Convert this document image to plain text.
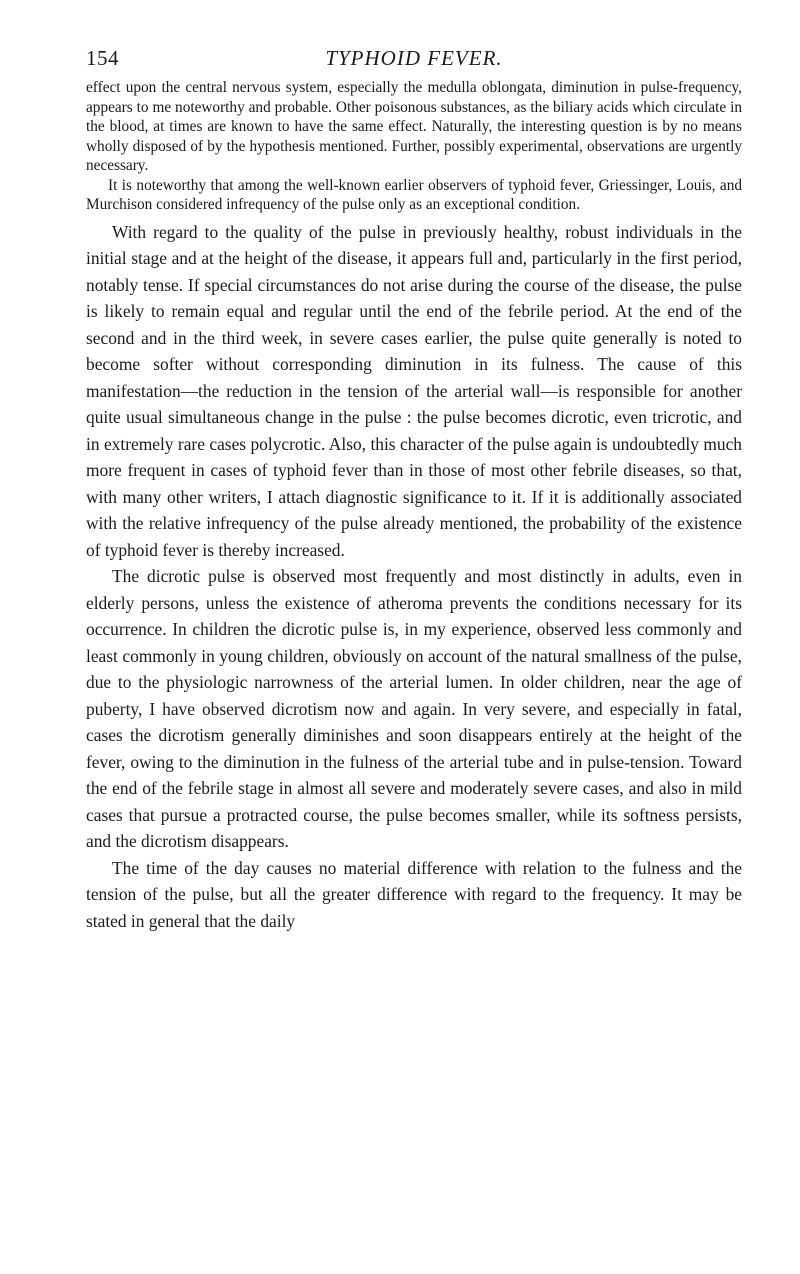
154	TYPHOID FEVER.

effect upon the central nervous system, especially the medulla oblongata, diminution in pulse-frequency, appears to me noteworthy and probable. Other poisonous substances, as the biliary acids which circulate in the blood, at times are known to have the same effect. Naturally, the interesting question is by no means wholly disposed of by the hypothesis mentioned. Further, possibly experimental, observations are urgently necessary.

It is noteworthy that among the well-known earlier observers of typhoid fever, Griessinger, Louis, and Murchison considered infrequency of the pulse only as an exceptional condition.

With regard to the quality of the pulse in previously healthy, robust individuals in the initial stage and at the height of the disease, it appears full and, particularly in the first period, notably tense. If special circumstances do not arise during the course of the disease, the pulse is likely to remain equal and regular until the end of the febrile period. At the end of the second and in the third week, in severe cases earlier, the pulse quite generally is noted to become softer without corresponding diminution in its fulness. The cause of this manifestation—the reduction in the tension of the arterial wall—is responsible for another quite usual simultaneous change in the pulse : the pulse becomes dicrotic, even tricrotic, and in extremely rare cases polycrotic. Also, this character of the pulse again is undoubtedly much more frequent in cases of typhoid fever than in those of most other febrile diseases, so that, with many other writers, I attach diagnostic significance to it. If it is additionally associated with the relative infrequency of the pulse already mentioned, the probability of the existence of typhoid fever is thereby increased.

The dicrotic pulse is observed most frequently and most distinctly in adults, even in elderly persons, unless the existence of atheroma prevents the conditions necessary for its occurrence. In children the dicrotic pulse is, in my experience, observed less commonly and least commonly in young children, obviously on account of the natural smallness of the pulse, due to the physiologic narrowness of the arterial lumen. In older children, near the age of puberty, I have observed dicrotism now and again. In very severe, and especially in fatal, cases the dicrotism generally diminishes and soon disappears entirely at the height of the fever, owing to the diminution in the fulness of the arterial tube and in pulse-tension. Toward the end of the febrile stage in almost all severe and moderately severe cases, and also in mild cases that pursue a protracted course, the pulse becomes smaller, while its softness persists, and the dicrotism disappears.

The time of the day causes no material difference with relation to the fulness and the tension of the pulse, but all the greater difference with regard to the frequency. It may be stated in general that the daily
